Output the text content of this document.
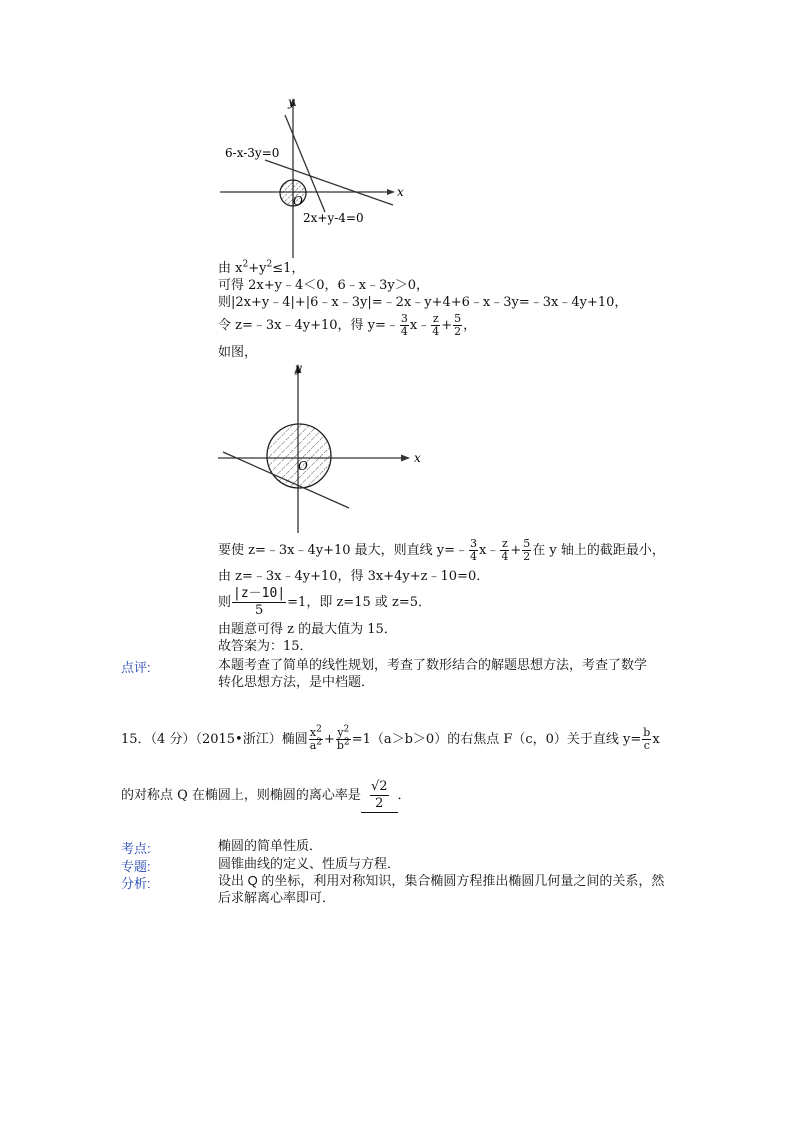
y
x
O
6-x-3y=0
2x+y-4=0
由 $x^2+y^2\le 1$，
可得 2x+y﹣4＜0，6﹣x﹣3y＞0，
则|2x+y﹣4|+|6﹣x﹣3y|=﹣2x﹣y+4+6﹣x﹣3y=﹣3x﹣4y+10，
令 z=﹣3x﹣4y+10，得 y=﹣ $\frac{3}{4}$ x﹣ $\frac{z}{4} + \frac{5}{2}$ ，
如图，
y
x
O
要使 z=﹣3x﹣4y+10 最大，则直线 y=﹣ $\frac{3}{4}$ x﹣ $\frac{z}{4} + \frac{5}{2}$ 在 y 轴上的截距最小，
由 z=﹣3x﹣4y+10，得 3x+4y+z﹣10=0．
则 $\frac{|z-10|}{5} =1$，即 z=15 或 z=5．
由题意可得 z 的最大值为 15．
故答案为：15．
点评:	本题考查了简单的线性规划，考查了数形结合的解题思想方法，考查了数学
转化思想方法，是中档题．
15．（4 分）（2015•浙江）椭圆 $\frac{x^2}{a^2} + \frac{y^2}{b^2} =1(a>b>0)$的右焦点 F（c，0）关于直线 $y= \frac{b}{c}$ x
的对称点 Q 在椭圆上，则椭圆的离心率是 $\frac{√2}{2}$ ．
考点:	椭圆的简单性质．
专题:	圆锥曲线的定义、性质与方程．
分析:	设出 Q 的坐标，利用对称知识，集合椭圆方程推出椭圆几何量之间的关系，然
后求解离心率即可．
